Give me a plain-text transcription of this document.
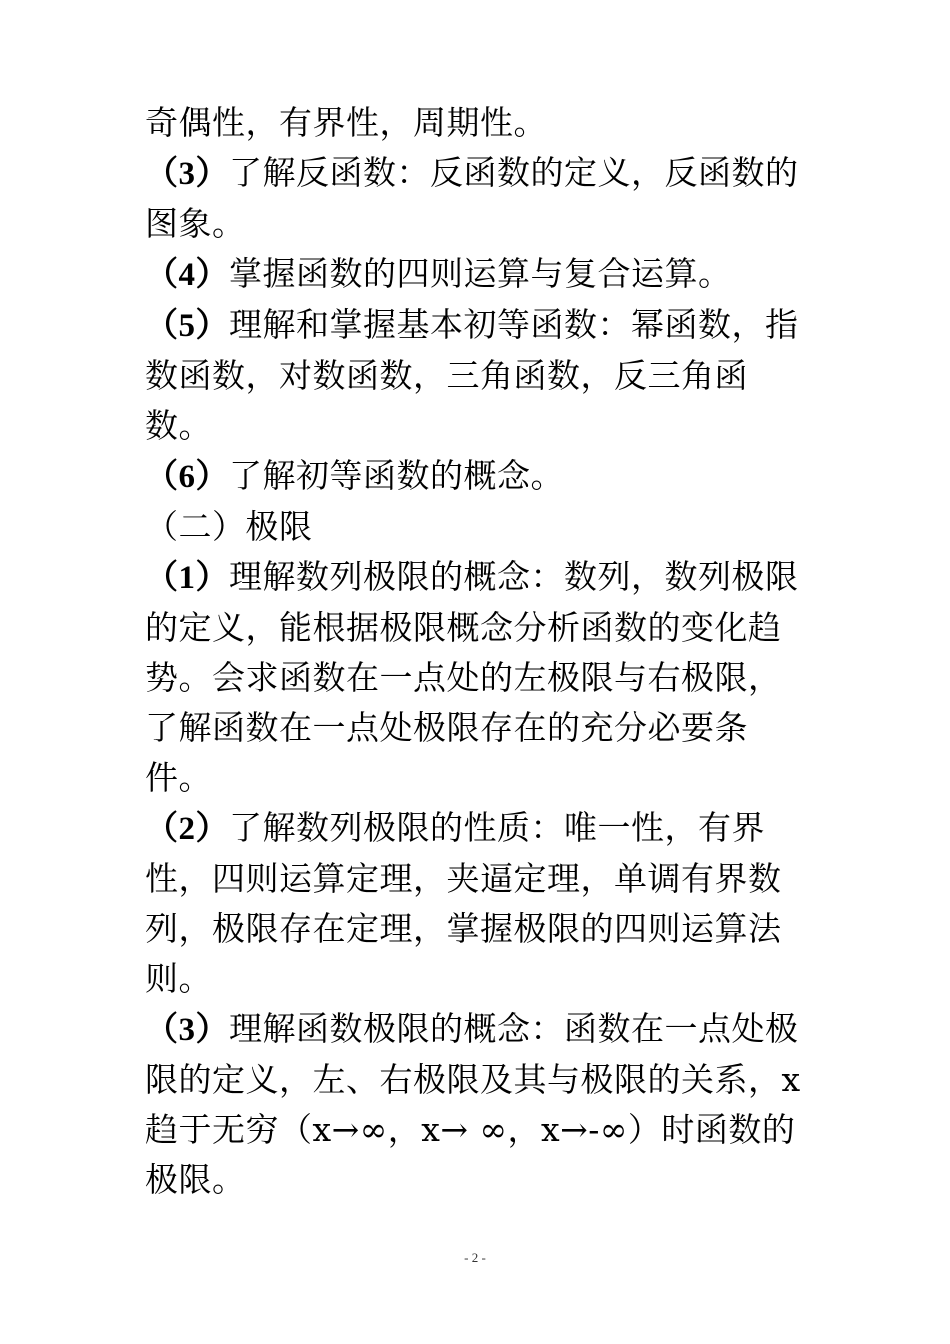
奇偶性，有界性，周期性。

（3）了解反函数：反函数的定义，反函数的图象。

（4）掌握函数的四则运算与复合运算。

（5）理解和掌握基本初等函数：幂函数，指数函数，对数函数，三角函数，反三角函数。

（6）了解初等函数的概念。

（二）极限

（1）理解数列极限的概念：数列，数列极限的定义，能根据极限概念分析函数的变化趋势。会求函数在一点处的左极限与右极限，了解函数在一点处极限存在的充分必要条件。

（2）了解数列极限的性质：唯一性，有界性，四则运算定理，夹逼定理，单调有界数列，极限存在定理，掌握极限的四则运算法则。

（3）理解函数极限的概念：函数在一点处极限的定义，左、右极限及其与极限的关系，x 趋于无穷（x→∞，x→ ∞，x→-∞）时函数的极限。

- 2 -
